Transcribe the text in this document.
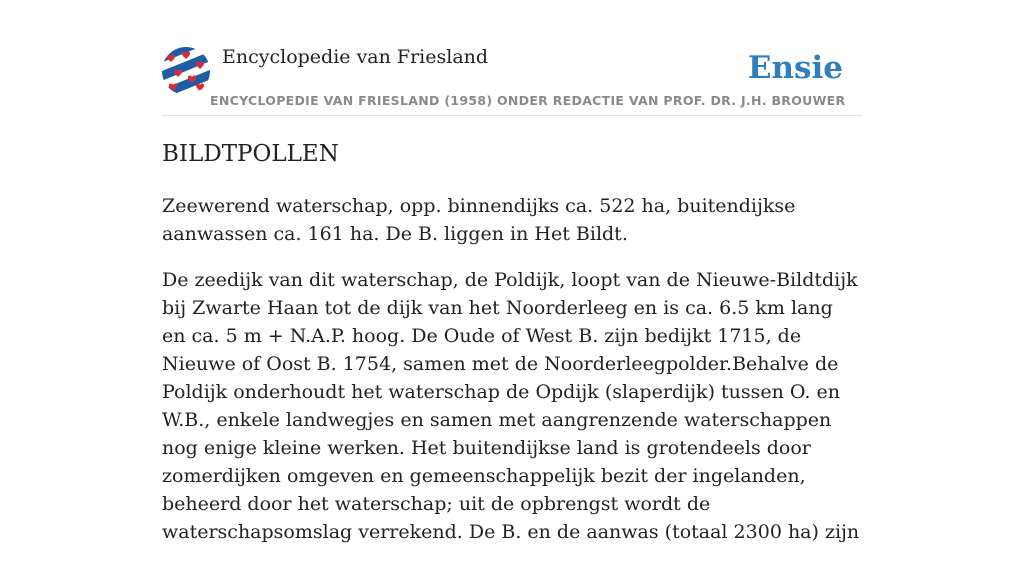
Encyclopedie van Friesland
ENCYCLOPEDIE VAN FRIESLAND (1958) ONDER REDACTIE VAN PROF. DR. J.H. BROUWER
Ensie
BILDTPOLLEN

Zeewerend waterschap, opp. binnendijks ca. 522 ha, buitendijkse aanwassen ca. 161 ha. De B. liggen in Het Bildt.

De zeedijk van dit waterschap, de Poldijk, loopt van de Nieuwe-Bildtdijk bij Zwarte Haan tot de dijk van het Noorderleeg en is ca. 6.5 km lang en ca. 5 m + N.A.P. hoog. De Oude of West B. zijn bedijkt 1715, de Nieuwe of Oost B. 1754, samen met de Noorderleegpolder.Behalve de Poldijk onderhoudt het waterschap de Opdijk (slaperdijk) tussen O. en W.B., enkele landwegjes en samen met aangrenzende waterschappen nog enige kleine werken. Het buitendijkse land is grotendeels door zomerdijken omgeven en gemeenschappelijk bezit der ingelanden, beheerd door het waterschap; uit de opbrengst wordt de waterschapsomslag verrekend. De B. en de aanwas (totaal 2300 ha) zijn
